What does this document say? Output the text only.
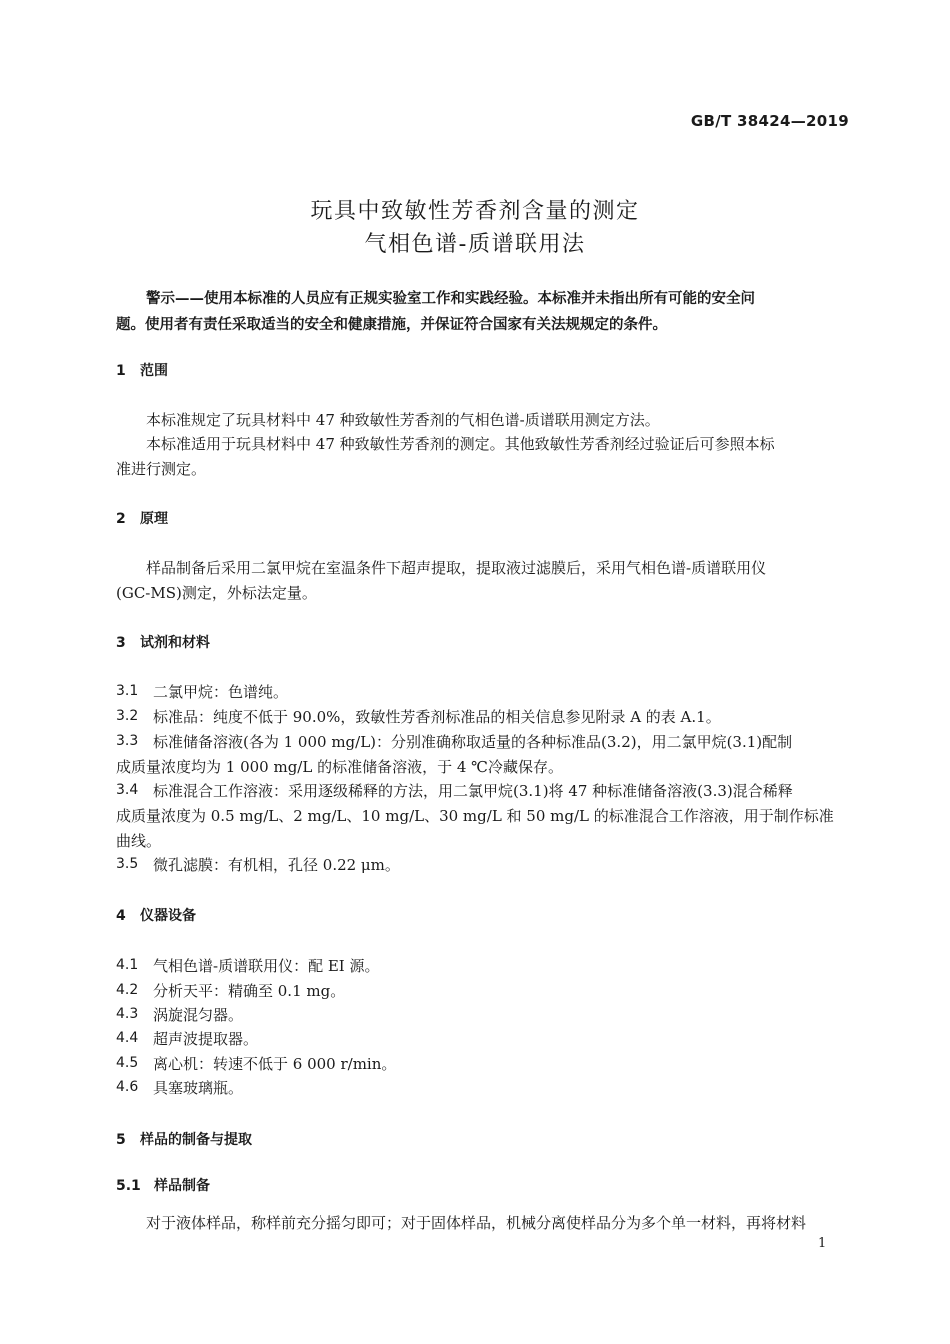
GB/T 38424—2019
玩具中致敏性芳香剂含量的测定
气相色谱-质谱联用法
警示——使用本标准的人员应有正规实验室工作和实践经验。本标准并未指出所有可能的安全问
题。使用者有责任采取适当的安全和健康措施，并保证符合国家有关法规规定的条件。
1 范围
本标准规定了玩具材料中 47 种致敏性芳香剂的气相色谱-质谱联用测定方法。
本标准适用于玩具材料中 47 种致敏性芳香剂的测定。其他致敏性芳香剂经过验证后可参照本标
准进行测定。
2 原理
样品制备后采用二氯甲烷在室温条件下超声提取，提取液过滤膜后，采用气相色谱-质谱联用仪
(GC-MS)测定，外标法定量。
3 试剂和材料
3.1 二氯甲烷：色谱纯。
3.2 标准品：纯度不低于 90.0%，致敏性芳香剂标准品的相关信息参见附录 A 的表 A.1。
3.3 标准储备溶液(各为 1 000 mg/L)：分别准确称取适量的各种标准品(3.2)，用二氯甲烷(3.1)配制
成质量浓度均为 1 000 mg/L 的标准储备溶液，于 4 ℃冷藏保存。
3.4 标准混合工作溶液：采用逐级稀释的方法，用二氯甲烷(3.1)将 47 种标准储备溶液(3.3)混合稀释
成质量浓度为 0.5 mg/L、2 mg/L、10 mg/L、30 mg/L 和 50 mg/L 的标准混合工作溶液，用于制作标准
曲线。
3.5 微孔滤膜：有机相，孔径 0.22 μm。
4 仪器设备
4.1 气相色谱-质谱联用仪：配 EI 源。
4.2 分析天平：精确至 0.1 mg。
4.3 涡旋混匀器。
4.4 超声波提取器。
4.5 离心机：转速不低于 6 000 r/min。
4.6 具塞玻璃瓶。
5 样品的制备与提取
5.1 样品制备
对于液体样品，称样前充分摇匀即可；对于固体样品，机械分离使样品分为多个单一材料，再将材料
1
